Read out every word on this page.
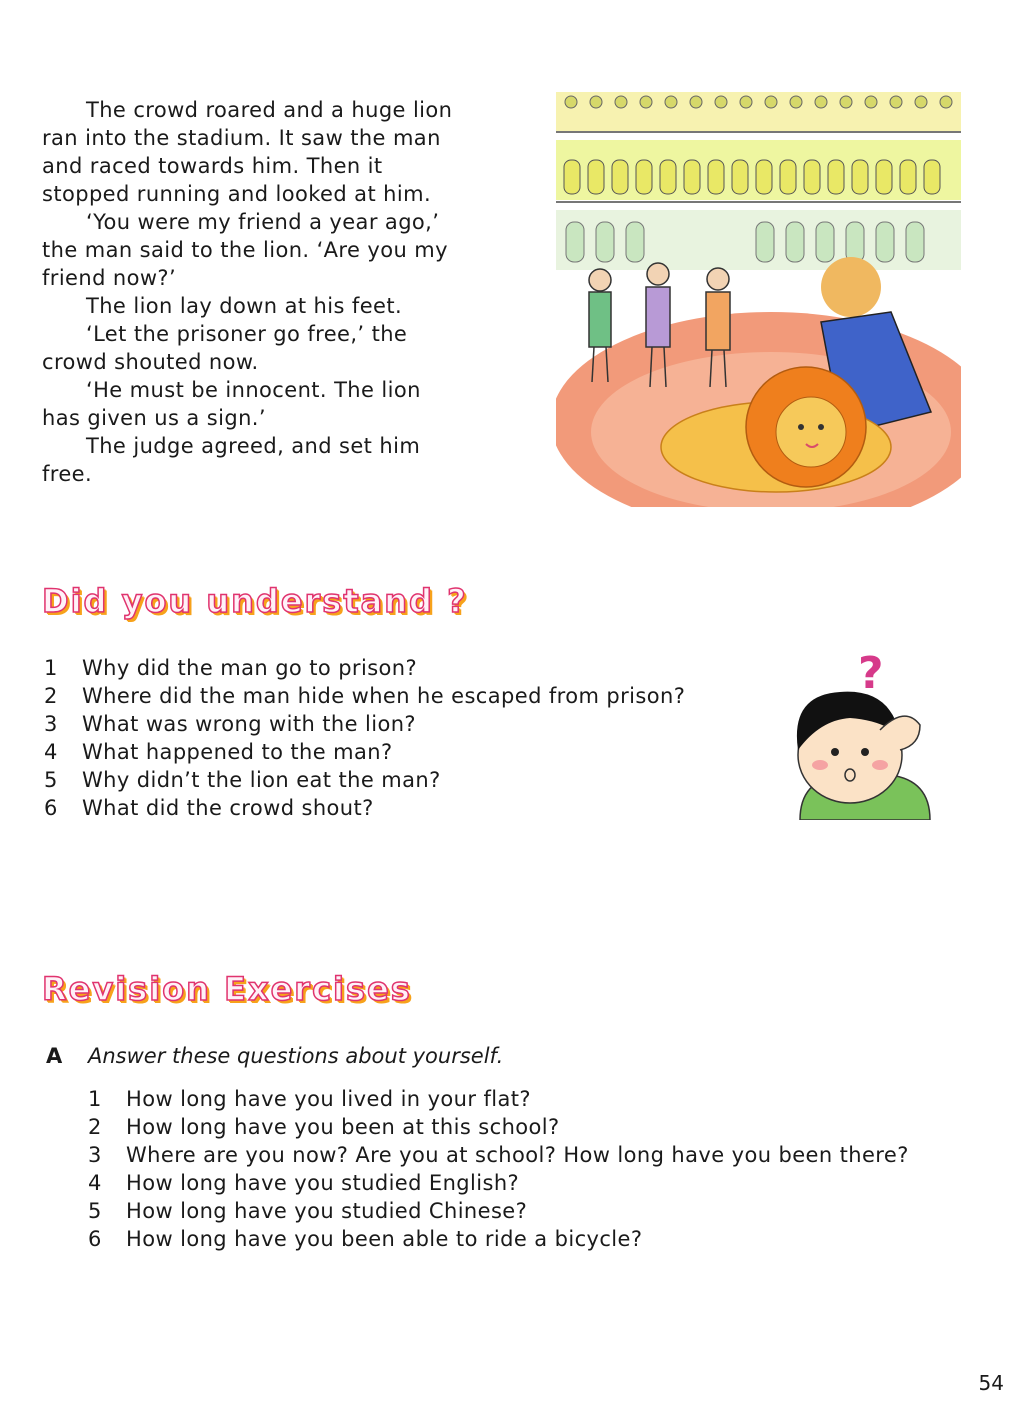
The crowd roared and a huge lion

ran into the stadium. It saw the man

and raced towards him. Then it

stopped running and looked at him.

‘You were my friend a year ago,’

the man said to the lion. ‘Are you my

friend now?’

The lion lay down at his feet.

‘Let the prisoner go free,’ the

crowd shouted now.

‘He must be innocent. The lion

has given us a sign.’

The judge agreed, and set him

free.

Did you understand ?
1	Why did the man go to prison?
2	Where did the man hide when he escaped from prison?
3	What was wrong with the lion?
4	What happened to the man?
5	Why didn’t the lion eat the man?
6	What did the crowd shout?
?
Revision Exercises
A Answer these questions about yourself.
1	How long have you lived in your flat?
2	How long have you been at this school?
3	Where are you now? Are you at school? How long have you been there?
4	How long have you studied English?
5	How long have you studied Chinese?
6	How long have you been able to ride a bicycle?
54
